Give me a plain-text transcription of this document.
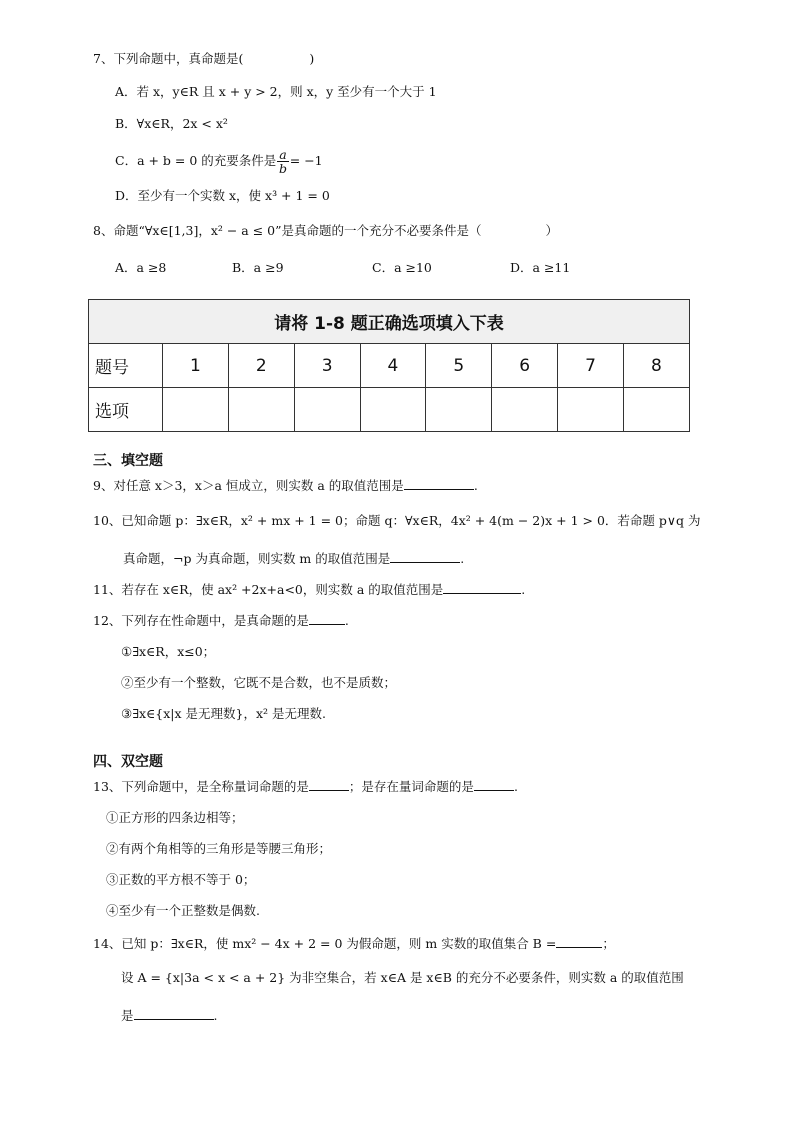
7、下列命题中，真命题是(	)
A．若 x，y∈R 且 x + y > 2，则 x，y 至少有一个大于 1
B．∀x∈R，2x < x²
C．a + b = 0 的充要条件是 $\frac{a}{b} = -1$
D．至少有一个实数 x，使 x³ + 1 = 0
8、命题“∀x∈[1,3]，x² − a ≤ 0”是真命题的一个充分不必要条件是（	）
A．a ≥8	B．a ≥9	C．a ≥10	D．a ≥11
请将 1-8 题正确选项填入下表								
题号	1	2	3	4	5	6	7	8
选项								
三、填空题
9、对任意 x＞3，x＞a 恒成立，则实数 a 的取值范围是	.
10、已知命题 p：∃x∈R，x² + mx + 1 = 0；命题 q：∀x∈R，4x² + 4(m − 2)x + 1 > 0．若命题 p∨q 为
真命题，¬p 为真命题，则实数 m 的取值范围是	.
11、若存在 x∈R，使 ax² +2x+a<0，则实数 a 的取值范围是	.
12、下列存在性命题中，是真命题的是	.
①∃x∈R，x≤0；
②至少有一个整数，它既不是合数，也不是质数；
③∃x∈{x|x 是无理数}，x² 是无理数.
四、双空题
13、下列命题中，是全称量词命题的是	；是存在量词命题的是	.
①正方形的四条边相等；
②有两个角相等的三角形是等腰三角形；
③正数的平方根不等于 0；
④至少有一个正整数是偶数.
14、已知 p：∃x∈R，使 mx² − 4x + 2 = 0 为假命题，则 m 实数的取值集合 B =	；
设 A = {x|3a < x < a + 2} 为非空集合，若 x∈A 是 x∈B 的充分不必要条件，则实数 a 的取值范围
是	.
